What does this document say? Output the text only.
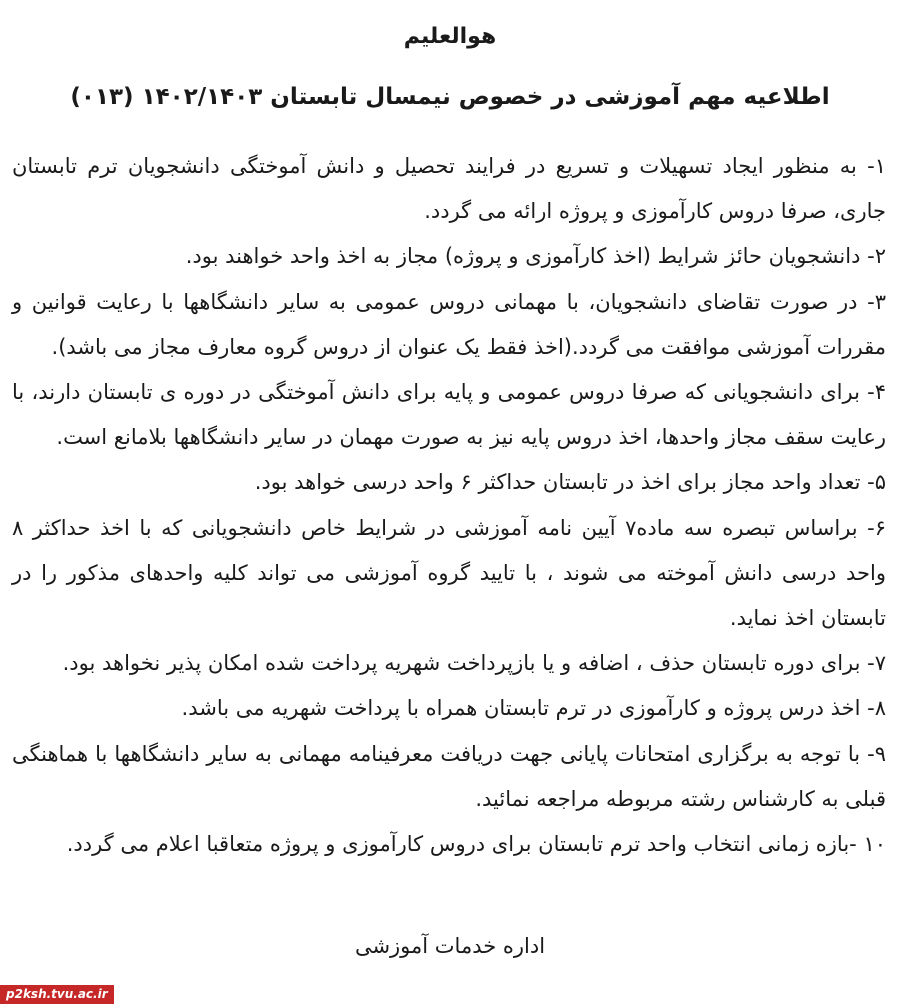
هوالعلیم
اطلاعیه مهم آموزشی در خصوص نیمسال تابستان ۱۴۰۲/۱۴۰۳ (۰۱۳)
۱- به منظور ایجاد تسهیلات و تسریع در فرایند تحصیل و دانش آموختگی دانشجویان ترم تابستان جاری، صرفا دروس کارآموزی و پروژه ارائه می گردد.
۲- دانشجویان حائز شرایط (اخذ کارآموزی و پروژه) مجاز به اخذ واحد خواهند بود.
۳- در صورت تقاضای دانشجویان، با مهمانی دروس عمومی به سایر دانشگاهها با رعایت قوانین و مقررات آموزشی موافقت می گردد.(اخذ فقط یک عنوان از دروس گروه معارف مجاز می باشد).
۴- برای دانشجویانی که صرفا دروس عمومی و پایه برای دانش آموختگی در دوره ی تابستان دارند، با رعایت سقف مجاز واحدها، اخذ دروس پایه نیز به صورت مهمان در سایر دانشگاهها بلامانع است.
۵- تعداد واحد مجاز برای اخذ در تابستان حداکثر ۶ واحد درسی خواهد بود.
۶- براساس تبصره سه ماده۷ آیین نامه آموزشی در شرایط خاص دانشجویانی که با اخذ حداکثر ۸ واحد درسی دانش آموخته می شوند ، با تایید گروه آموزشی می تواند کلیه واحدهای مذکور را در تابستان اخذ نماید.
۷- برای دوره تابستان حذف ، اضافه و یا بازپرداخت شهریه پرداخت شده امکان پذیر نخواهد بود.
۸- اخذ درس پروژه و کارآموزی در ترم تابستان همراه با پرداخت شهریه می باشد.
۹- با توجه به برگزاری امتحانات پایانی جهت دریافت معرفینامه مهمانی به سایر دانشگاهها با هماهنگی قبلی به کارشناس رشته مربوطه مراجعه نمائید.
۱۰ -بازه زمانی انتخاب واحد ترم تابستان برای دروس کارآموزی و پروژه متعاقبا اعلام می گردد.
اداره خدمات آموزشی
p2ksh.tvu.ac.ir
